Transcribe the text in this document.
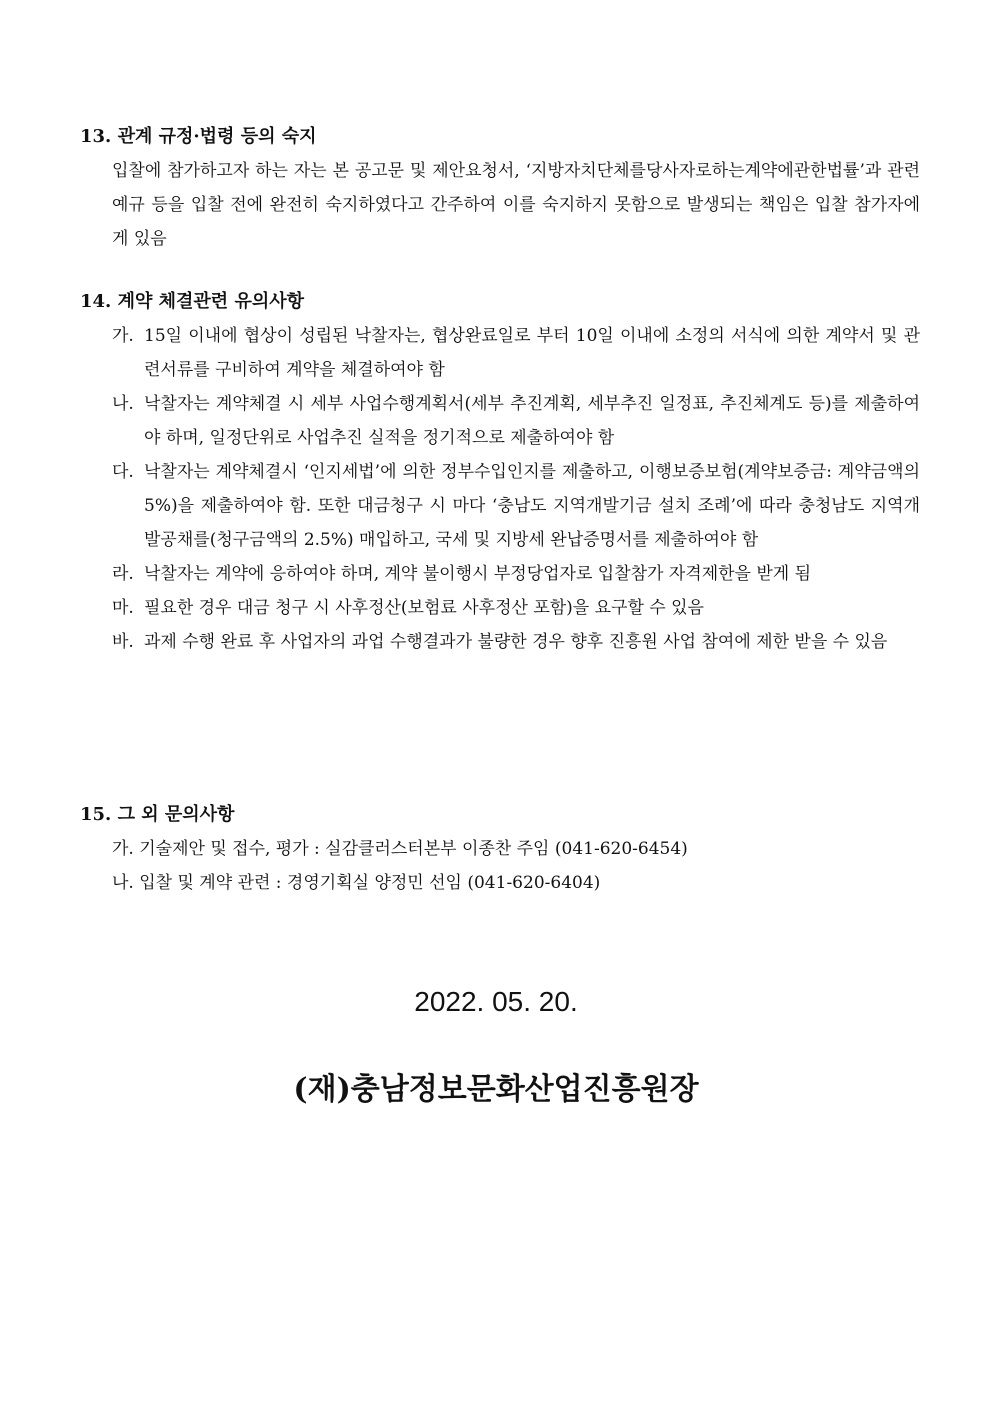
13. 관계 규정·법령 등의 숙지
입찰에 참가하고자 하는 자는 본 공고문 및 제안요청서, ‘지방자치단체를당사자로하는계약에관한법률’과 관련 예규 등을 입찰 전에 완전히 숙지하였다고 간주하여 이를 숙지하지 못함으로 발생되는 책임은 입찰 참가자에게 있음
14. 계약 체결관련 유의사항
가. 15일 이내에 협상이 성립된 낙찰자는, 협상완료일로 부터 10일 이내에 소정의 서식에 의한 계약서 및 관련서류를 구비하여 계약을 체결하여야 함
나. 낙찰자는 계약체결 시 세부 사업수행계획서(세부 추진계획, 세부추진 일정표, 추진체계도 등)를 제출하여야 하며, 일정단위로 사업추진 실적을 정기적으로 제출하여야 함
다. 낙찰자는 계약체결시 ‘인지세법’에 의한 정부수입인지를 제출하고, 이행보증보험(계약보증금: 계약금액의 5%)을 제출하여야 함. 또한 대금청구 시 마다 ‘충남도 지역개발기금 설치 조례’에 따라 충청남도 지역개발공채를(청구금액의 2.5%) 매입하고, 국세 및 지방세 완납증명서를 제출하여야 함
라. 낙찰자는 계약에 응하여야 하며, 계약 불이행시 부정당업자로 입찰참가 자격제한을 받게 됨
마. 필요한 경우 대금 청구 시 사후정산(보험료 사후정산 포함)을 요구할 수 있음
바. 과제 수행 완료 후 사업자의 과업 수행결과가 불량한 경우 향후 진흥원 사업 참여에 제한 받을 수 있음
15. 그 외 문의사항
가. 기술제안 및 접수, 평가 : 실감클러스터본부 이종찬 주임 (041-620-6454)
나. 입찰 및 계약 관련 : 경영기획실 양정민 선임 (041-620-6404)
2022. 05. 20.
(재)충남정보문화산업진흥원장
